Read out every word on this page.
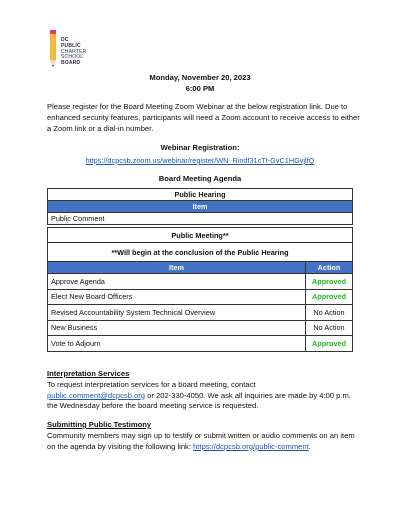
DC
PUBLIC
CHARTER
SCHOOL
BOARD
Monday, November 20, 2023
6:00 PM
Please register for the Board Meeting Zoom Webinar at the below registration link. Due to enhanced security features, participants will need a Zoom account to receive access to either a Zoom link or a dial-in number.
Webinar Registration:
https://dcpcsb.zoom.us/webinar/register/WN_Rindf31cTt-GvC1HGvjlfQ
Board Meeting Agenda
Public Hearing
Item
Public Comment
Public Meeting**	
**Will begin at the conclusion of the Public Hearing	
Item	Action
Approve Agenda	Approved
Elect New Board Officers	Approved
Revised Accountability System Technical Overview	No Action
New Business	No Action
Vote to Adjourn	Approved
Interpretation Services
To request interpretation services for a board meeting, contact
public.comment@dcpcsb.org or 202-330-4050. We ask all inquiries are made by 4:00 p.m. the Wednesday before the board meeting service is requested.
Submitting Public Testimony
Community members may sign up to testify or submit written or audio comments on an item on the agenda by visiting the following link: https://dcpcsb.org/public-comment.
